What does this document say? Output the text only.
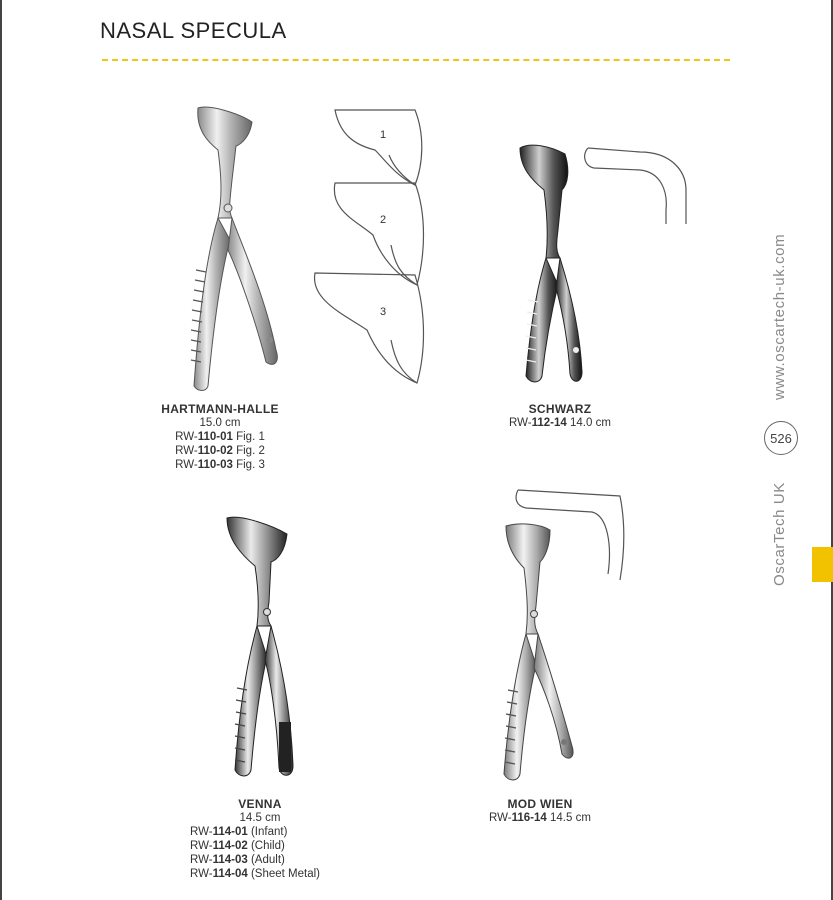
NASAL SPECULA
www.oscartech-uk.com
OscarTech UK
526
1
2
3
HARTMANN-HALLE
15.0 cm
RW-110-01 Fig. 1
RW-110-02 Fig. 2
RW-110-03 Fig. 3
SCHWARZ
RW-112-14 14.0 cm
VENNA
14.5 cm
RW-114-01 (Infant)
RW-114-02 (Child)
RW-114-03 (Adult)
RW-114-04 (Sheet Metal)
MOD WIEN
RW-116-14 14.5 cm
